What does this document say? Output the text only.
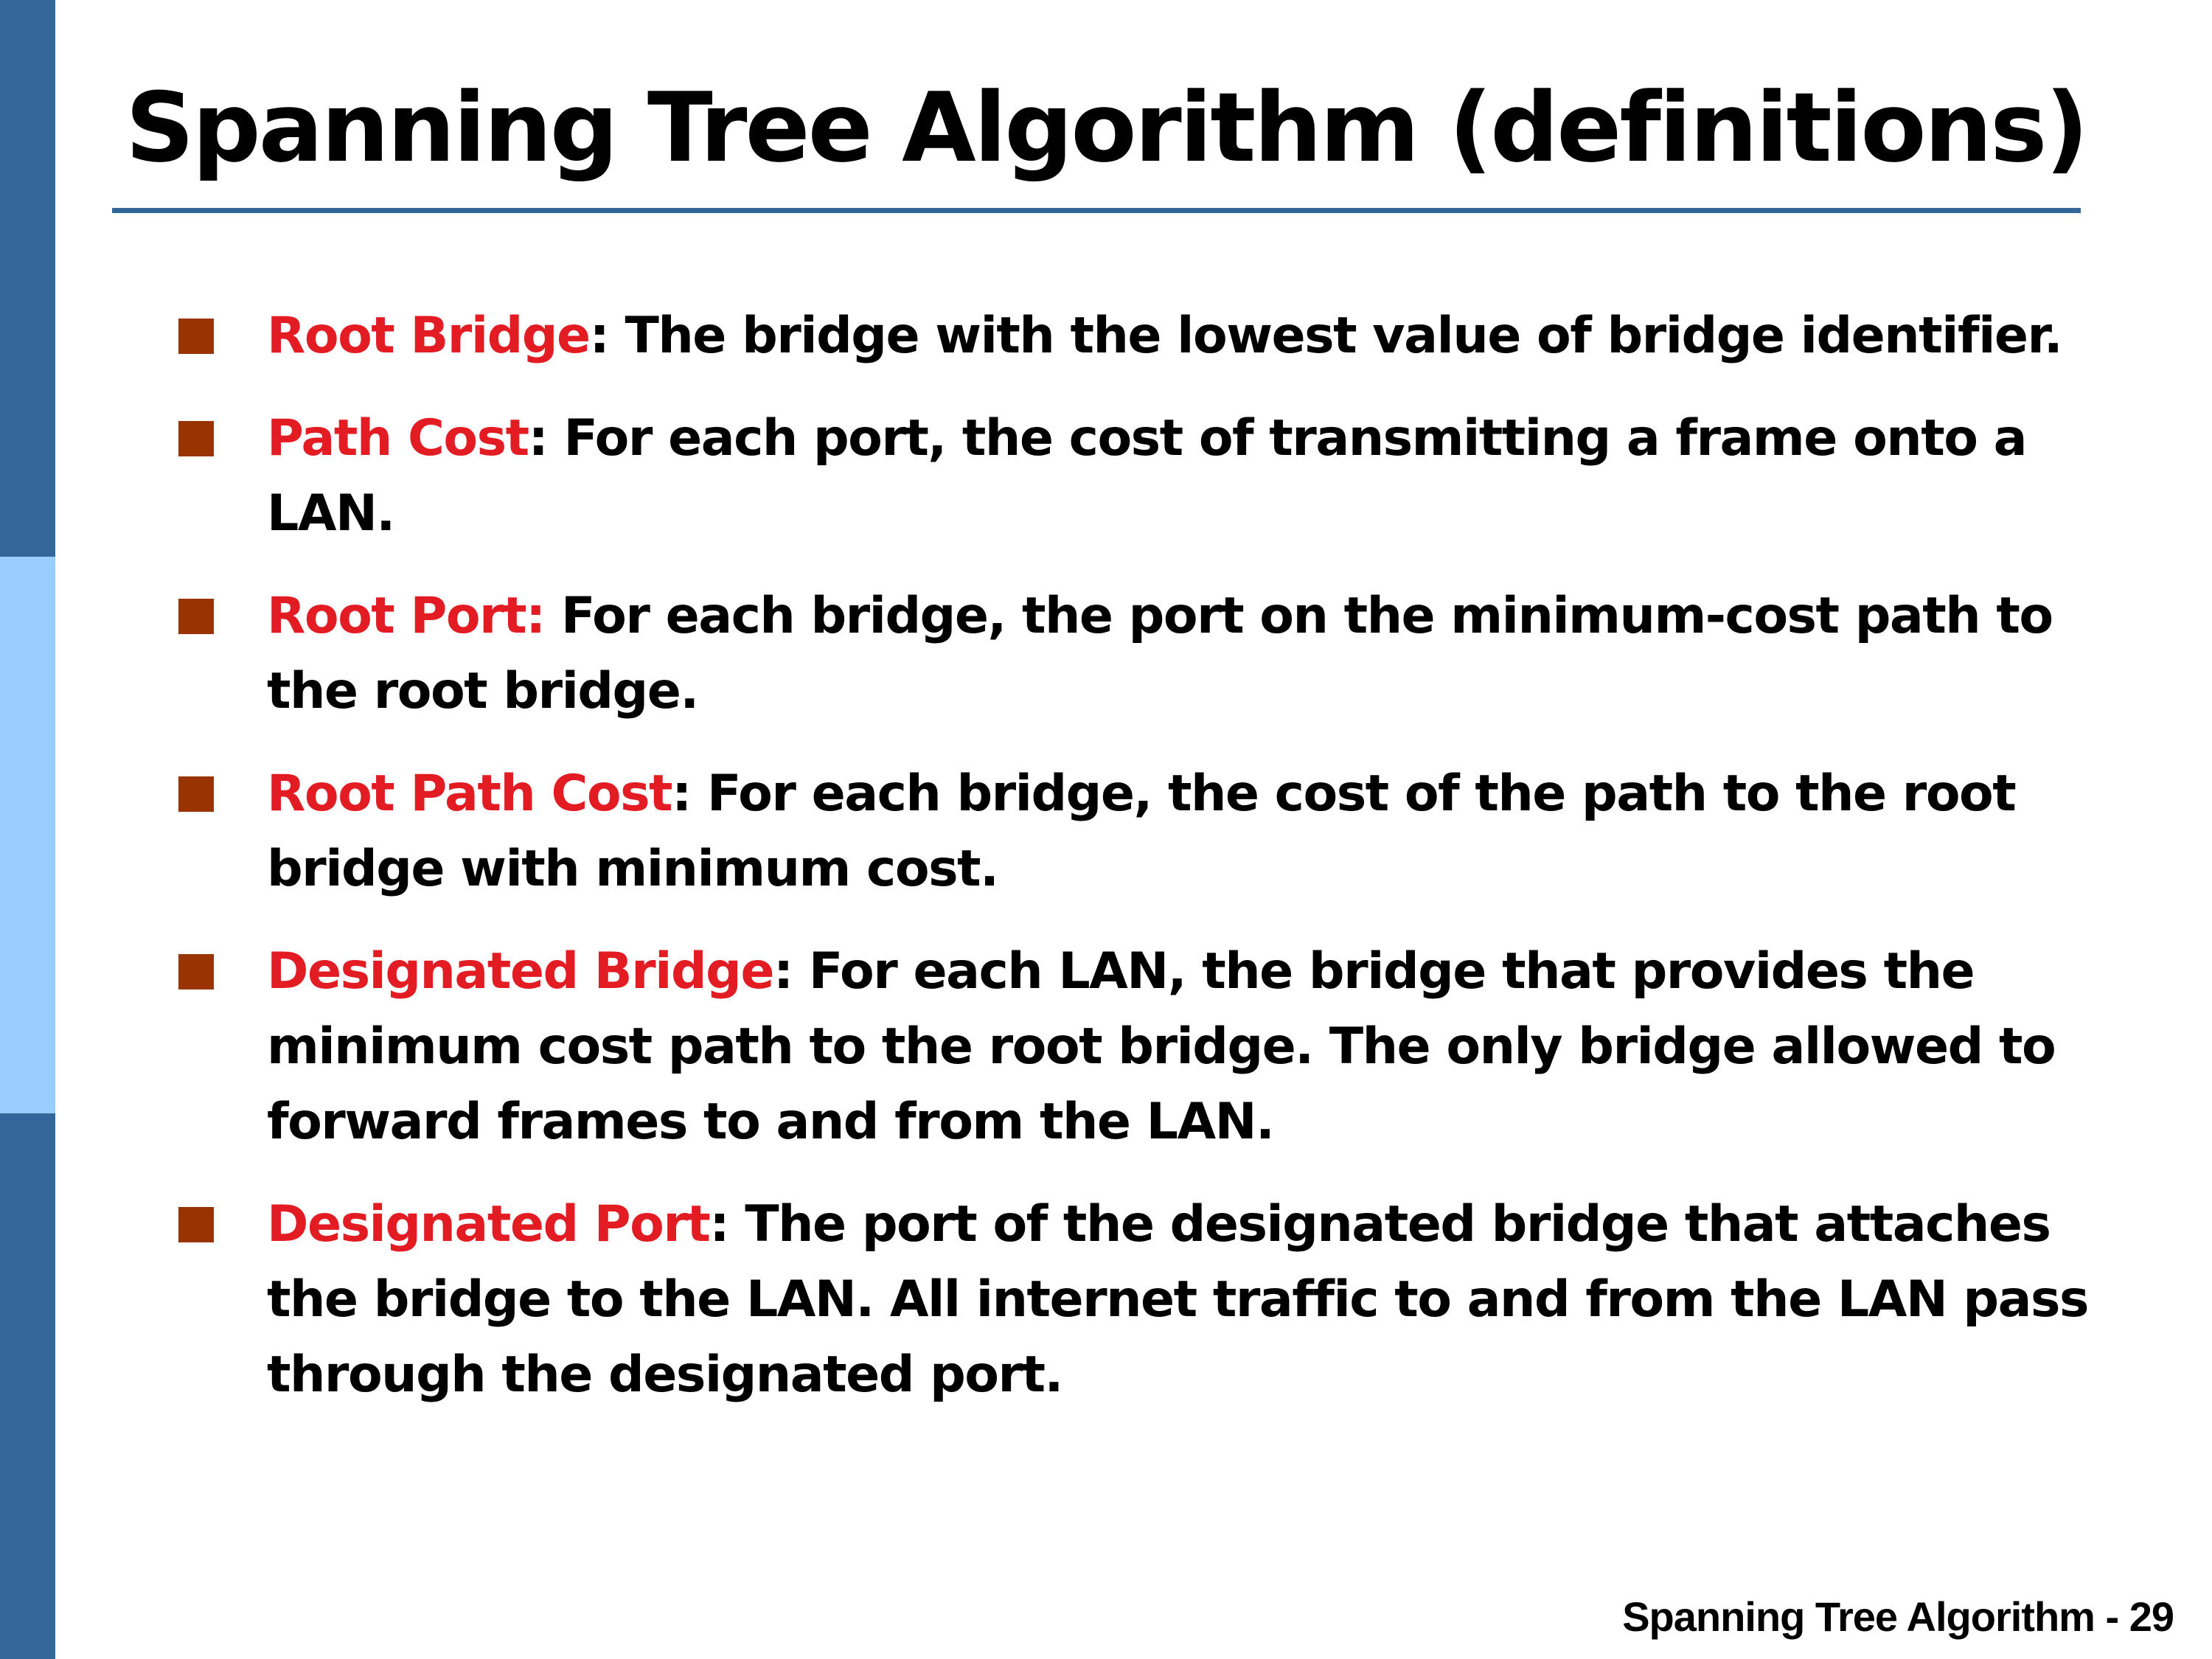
Spanning Tree Algorithm (definitions)
Root Bridge: The bridge with the lowest value of bridge identifier.
Path Cost: For each port, the cost of transmitting a frame onto a LAN.
Root Port: For each bridge, the port on the minimum-cost path to the root bridge.
Root Path Cost: For each bridge, the cost of the path to the root bridge with minimum cost.
Designated Bridge: For each LAN, the bridge that provides the minimum cost path to the root bridge. The only bridge allowed to forward frames to and from the LAN.
Designated Port: The port of the designated bridge that attaches the bridge to the LAN. All internet traffic to and from the LAN pass through the designated port.
Spanning Tree Algorithm - 29
